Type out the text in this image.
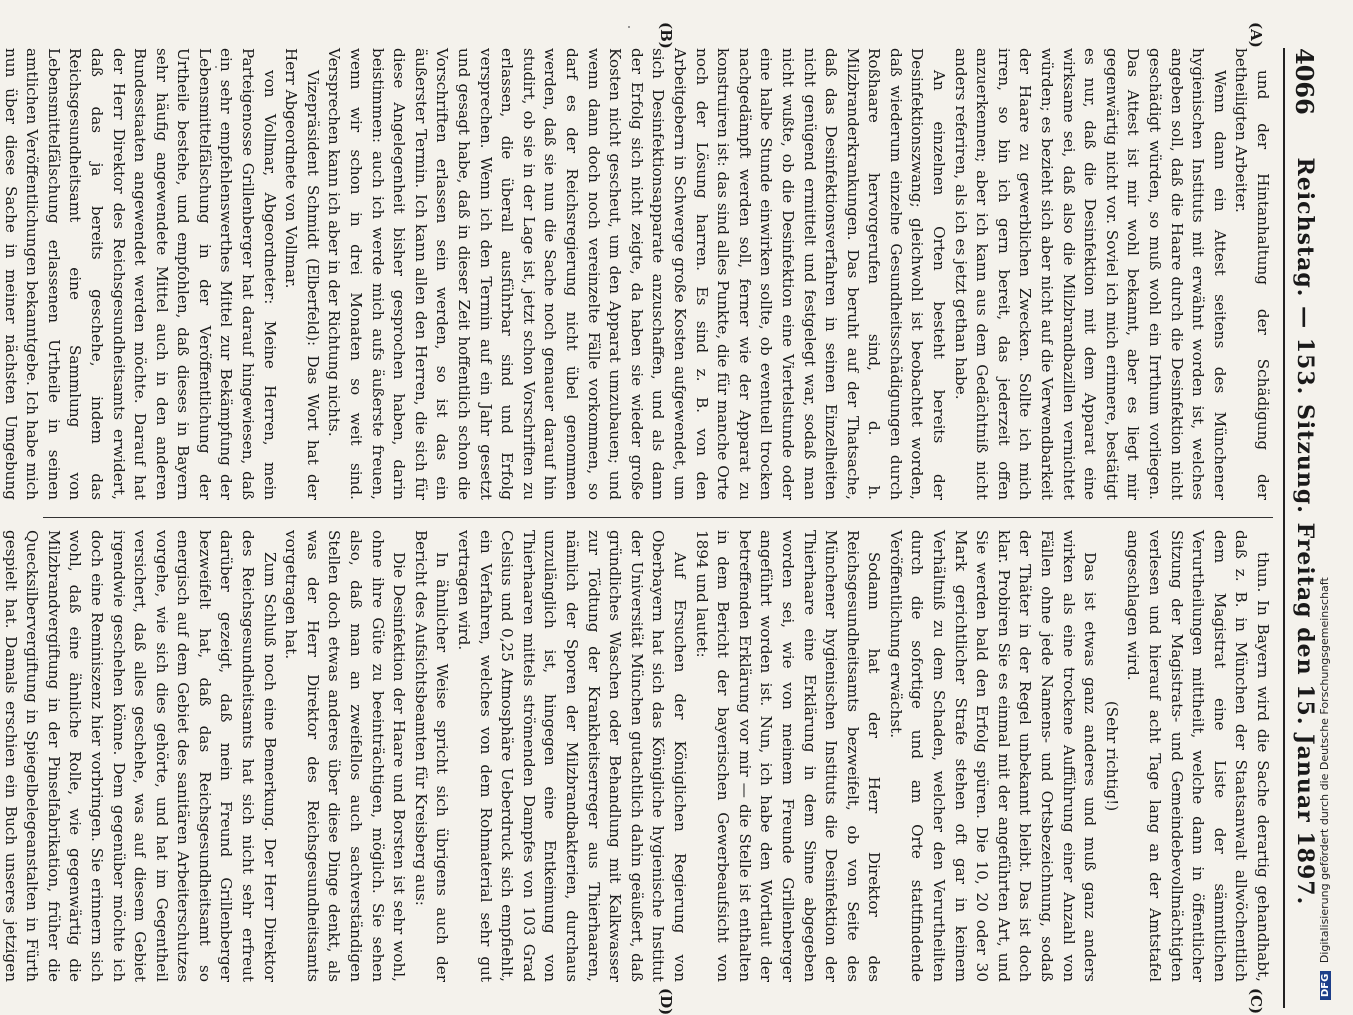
4066
Reichstag. — 153. Sitzung. Freitag den 15. Januar 1897.

und der Hintanhaltung der Schädigung der betheiligten Arbeiter.

Wenn dann ein Attest seitens des Münchener hygienischen Instituts mit erwähnt worden ist, welches angeben soll, daß die Haare durch die Desinfektion nicht geschädigt würden, so muß wohl ein Irrthum vorliegen. Das Attest ist mir wohl bekannt, aber es liegt mir gegenwärtig nicht vor. Soviel ich mich erinnere, bestätigt es nur, daß die Desinfektion mit dem Apparat eine wirksame sei, daß also die Milzbrandbazillen vernichtet würden; es bezieht sich aber nicht auf die Verwendbarkeit der Haare zu gewerblichen Zwecken. Sollte ich mich irren, so bin ich gern bereit, das jederzeit offen anzuerkennen; aber ich kann aus dem Gedächtniß nicht anders referiren, als ich es jetzt gethan habe.

An einzelnen Orten besteht bereits der Desinfektionszwang; gleichwohl ist beobachtet worden, daß wiederum einzelne Gesundheitsschädigungen durch Roßhaare hervorgerufen sind, d. h. Milzbranderkrankungen. Das beruht auf der Thatsache, daß das Desinfektionsverfahren in seinen Einzelheiten nicht genügend ermittelt und festgelegt war, sodaß man nicht wußte, ob die Desinfektion eine Viertelstunde oder eine halbe Stunde einwirken sollte, ob eventuell trocken nachgedämpft werden soll, ferner wie der Apparat zu konstruiren ist: das sind alles Punkte, die für manche Orte noch der Lösung harren. Es sind z. B. von den Arbeitgebern in Schwerge große Kosten aufgewendet, um sich Desinfektionsapparate anzuschaffen, und als dann der Erfolg sich nicht zeigte, da haben sie wieder große Kosten nicht gescheut, um den Apparat umzubauen; und wenn dann doch noch vereinzelte Fälle vorkommen, so darf es der Reichsregierung nicht übel genommen werden, daß sie nun die Sache noch genauer darauf hin studirt, ob sie in der Lage ist, jetzt schon Vorschriften zu erlassen, die überall ausführbar sind und Erfolg versprechen. Wenn ich den Termin auf ein Jahr gesetzt und gesagt habe, daß in dieser Zeit hoffentlich schon die Vorschriften erlassen sein werden, so ist das ein äußerster Termin. Ich kann allen den Herren, die sich für diese Angelegenheit bisher gesprochen haben, darin beistimmen: auch ich werde mich aufs äußerste freuen, wenn wir schon in drei Monaten so weit sind. Versprechen kann ich aber in der Richtung nichts.

Vizepräsident Schmidt (Elberfeld): Das Wort hat der Herr Abgeordnete von Vollmar.

von Vollmar, Abgeordneter: Meine Herren, mein Parteigenosse Grillenberger hat darauf hingewiesen, daß ein sehr empfehlenswerthes Mittel zur Bekämpfung der Lebensmittelfälschung in der Veröffentlichung der Urtheile bestehe, und empfohlen, daß dieses in Bayern sehr häufig angewendete Mittel auch in den anderen Bundesstaaten angewendet werden möchte. Darauf hat der Herr Direktor des Reichsgesundheitsamts erwidert, daß das ja bereits geschehe, indem das Reichsgesundheitsamt eine Sammlung von Lebensmittelfälschung erlassenen Urtheile in seinen amtlichen Veröffentlichungen bekanntgebe. Ich habe mich nun über diese Sache in meiner nächsten Umgebung

thun. In Bayern wird die Sache derartig gehandhabt, daß z. B. in München der Staatsanwalt allwöchentlich dem Magistrat eine Liste der sämmtlichen Verurtheilungen mittheilt, welche dann in öffentlicher Sitzung der Magistrats- und Gemeindebevollmächtigten verlesen und hierauf acht Tage lang an der Amtstafel angeschlagen wird.

(Sehr richtig!)

Das ist etwas ganz anderes und muß ganz anders wirken als eine trockene Aufführung einer Anzahl von Fällen ohne jede Namens- und Ortsbezeichnung, sodaß der Thäter in der Regel unbekannt bleibt. Das ist doch klar. Probiren Sie es einmal mit der angeführten Art, und Sie werden bald den Erfolg spüren. Die 10, 20 oder 30 Mark gerichtlicher Strafe stehen oft gar in keinem Verhältniß zu dem Schaden, welcher den Verurtheilten durch die sofortige und am Orte stattfindende Veröffentlichung erwächst.

Sodann hat der Herr Direktor des Reichsgesundheitsamts bezweifelt, ob von Seite des Münchener hygienischen Instituts die Desinfektion der Thierhaare eine Erklärung in dem Sinne abgegeben worden sei, wie von meinem Freunde Grillenberger angeführt worden ist. Nun, ich habe den Wortlaut der betreffenden Erklärung vor mir — die Stelle ist enthalten in dem Bericht der bayerischen Gewerbeaufsicht von 1894 und lautet:

Auf Ersuchen der Königlichen Regierung von Oberbayern hat sich das Königliche hygienische Institut der Universität München gutachtlich dahin geäußert, daß gründliches Waschen oder Behandlung mit Kalkwasser zur Tödtung der Krankheitserreger aus Thierhaaren, nämlich der Sporen der Milzbrandbakterien, durchaus unzulänglich ist, hingegen eine Entkeimung von Thierhaaren mittels strömenden Dampfes von 103 Grad Celsius und 0,25 Atmosphäre Ueberdruck sich empfiehlt, ein Verfahren, welches von dem Rohmaterial sehr gut vertragen wird.

In ähnlicher Weise spricht sich übrigens auch der Bericht des Aufsichtsbeamten für Kreisberg aus:

Die Desinfektion der Haare und Borsten ist sehr wohl, ohne ihre Güte zu beeinträchtigen, möglich. Sie sehen also, daß man an zweifellos auch sachverständigen Stellen doch etwas anderes über diese Dinge denkt, als was der Herr Direktor des Reichsgesundheitsamts vorgetragen hat.

Zum Schluß noch eine Bemerkung. Der Herr Direktor des Reichsgesundheitsamts hat sich nicht sehr erfreut darüber gezeigt, daß mein Freund Grillenberger bezweifelt hat, daß das Reichsgesundheitsamt so energisch auf dem Gebiet des sanitären Arbeiterschutzes vorgehe, wie sich dies gehörte, und hat im Gegentheil versichert, daß alles geschehe, was auf diesem Gebiet irgendwie geschehen könne. Dem gegenüber möchte ich doch eine Reminiszenz hier vorbringen. Sie erinnern sich wohl, daß eine ähnliche Rolle, wie gegenwärtig die Milzbrandvergiftung in der Pinselfabrikation, früher die Quecksilbervergiftung in Spiegelbelegeanstalten in Fürth gespielt hat. Damals erschien ein Buch unseres jetzigen

(A)
(B)
(C)
(D)
DFG Digitalisierung gefördert durch die Deutsche Forschungsgemeinschaft
